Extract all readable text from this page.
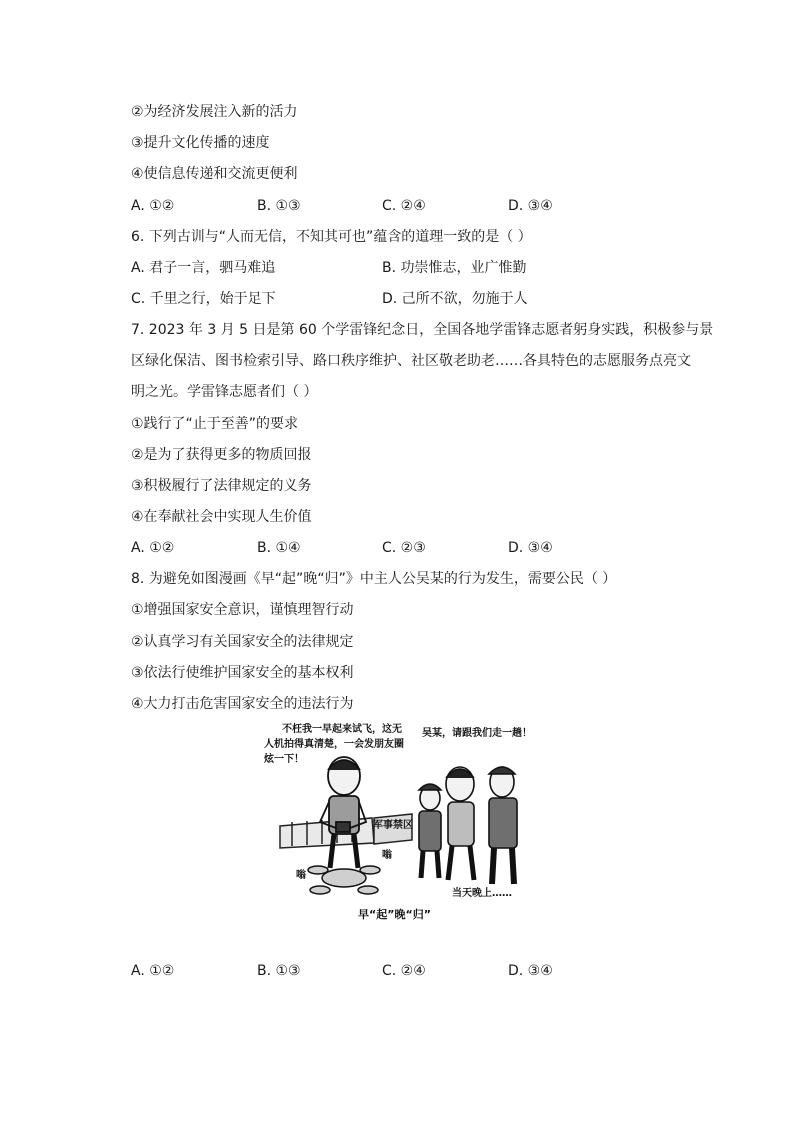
②为经济发展注入新的活力
③提升文化传播的速度
④使信息传递和交流更便利
A. ①②	B. ①③	C. ②④	D. ③④
6. 下列古训与“人而无信，不知其可也”蕴含的道理一致的是（ ）
A. 君子一言，驷马难追	B. 功崇惟志，业广惟勤
C. 千里之行，始于足下	D. 己所不欲，勿施于人
7. 2023 年 3 月 5 日是第 60 个学雷锋纪念日，全国各地学雷锋志愿者躬身实践，积极参与景
区绿化保洁、图书检索引导、路口秩序维护、社区敬老助老……各具特色的志愿服务点亮文
明之光。学雷锋志愿者们（ ）
①践行了“止于至善”的要求
②是为了获得更多的物质回报
③积极履行了法律规定的义务
④在奉献社会中实现人生价值
A. ①②	B. ①④	C. ②③	D. ③④
8. 为避免如图漫画《早“起”晚“归”》中主人公吴某的行为发生，需要公民（ ）
①增强国家安全意识，谨慎理智行动
②认真学习有关国家安全的法律规定
③依法行使维护国家安全的基本权利
④大力打击危害国家安全的违法行为
不枉我一早起来试飞，这无
人机拍得真清楚，一会发朋友圈
炫一下！
吴某，请跟我们走一趟！
军事禁区
嗡
嗡
当天晚上……
早“起”晚“归”
A. ①②	B. ①③	C. ②④	D. ③④
